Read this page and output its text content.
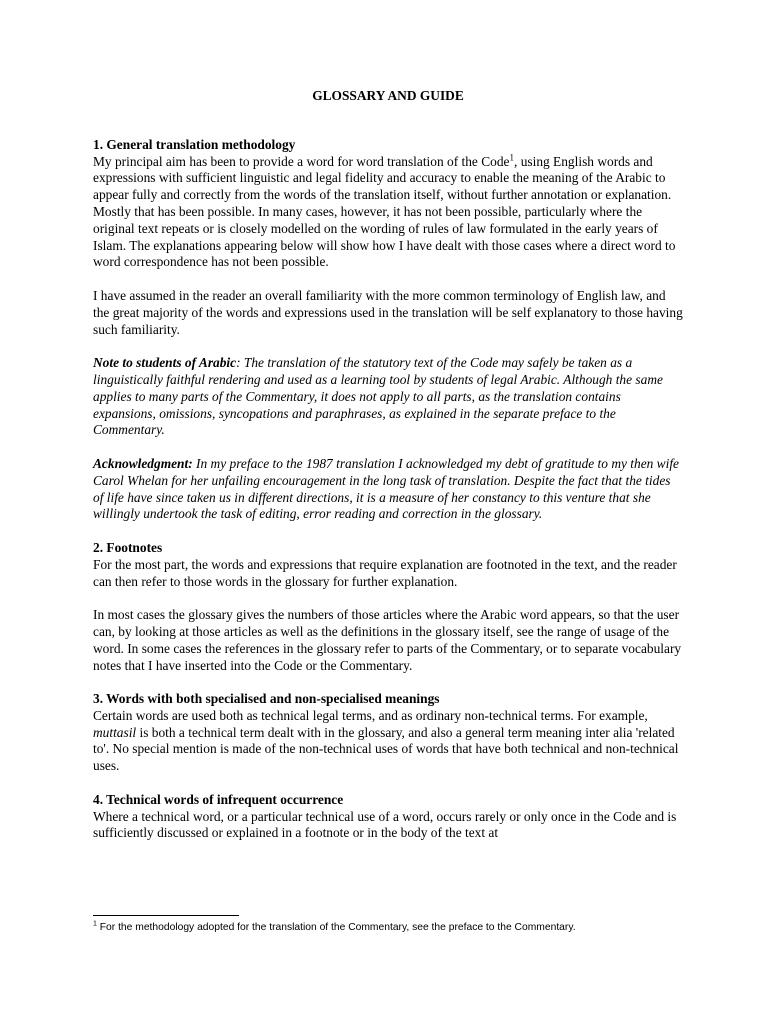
GLOSSARY AND GUIDE

1. General translation methodology

My principal aim has been to provide a word for word translation of the Code$^1$, using English words and expressions with sufficient linguistic and legal fidelity and accuracy to enable the meaning of the Arabic to appear fully and correctly from the words of the translation itself, without further annotation or explanation. Mostly that has been possible. In many cases, however, it has not been possible, particularly where the original text repeats or is closely modelled on the wording of rules of law formulated in the early years of Islam. The explanations appearing below will show how I have dealt with those cases where a direct word to word correspondence has not been possible.

I have assumed in the reader an overall familiarity with the more common terminology of English law, and the great majority of the words and expressions used in the translation will be self explanatory to those having such familiarity.

Note to students of Arabic: The translation of the statutory text of the Code may safely be taken as a linguistically faithful rendering and used as a learning tool by students of legal Arabic. Although the same applies to many parts of the Commentary, it does not apply to all parts, as the translation contains expansions, omissions, syncopations and paraphrases, as explained in the separate preface to the Commentary.

Acknowledgment: In my preface to the 1987 translation I acknowledged my debt of gratitude to my then wife Carol Whelan for her unfailing encouragement in the long task of translation. Despite the fact that the tides of life have since taken us in different directions, it is a measure of her constancy to this venture that she willingly undertook the task of editing, error reading and correction in the glossary.

2. Footnotes

For the most part, the words and expressions that require explanation are footnoted in the text, and the reader can then refer to those words in the glossary for further explanation.

In most cases the glossary gives the numbers of those articles where the Arabic word appears, so that the user can, by looking at those articles as well as the definitions in the glossary itself, see the range of usage of the word. In some cases the references in the glossary refer to parts of the Commentary, or to separate vocabulary notes that I have inserted into the Code or the Commentary.

3. Words with both specialised and non-specialised meanings

Certain words are used both as technical legal terms, and as ordinary non-technical terms. For example, muttasil is both a technical term dealt with in the glossary, and also a general term meaning inter alia 'related to'. No special mention is made of the non-technical uses of words that have both technical and non-technical uses.

4. Technical words of infrequent occurrence

Where a technical word, or a particular technical use of a word, occurs rarely or only once in the Code and is sufficiently discussed or explained in a footnote or in the body of the text at

$^1$ For the methodology adopted for the translation of the Commentary, see the preface to the Commentary.
